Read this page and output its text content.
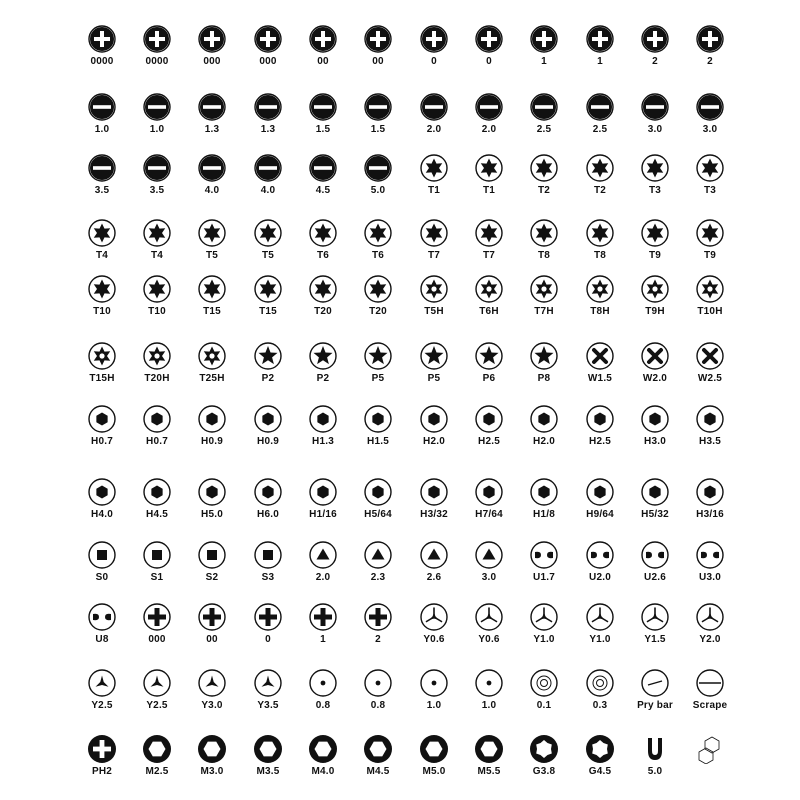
0000	0000	000	000	00	00	0	0	1	1	2	2
1.0	1.0	1.3	1.3	1.5	1.5	2.0	2.0	2.5	2.5	3.0	3.0
3.5	3.5	4.0	4.0	4.5	5.0	T1	T1	T2	T2	T3	T3
T4	T4	T5	T5	T6	T6	T7	T7	T8	T8	T9	T9
T10	T10	T15	T15	T20	T20	T5H	T6H	T7H	T8H	T9H	T10H
T15H	T20H	T25H	P2	P2	P5	P5	P6	P8	W1.5	W2.0	W2.5
H0.7	H0.7	H0.9	H0.9	H1.3	H1.5	H2.0	H2.5	H2.0	H2.5	H3.0	H3.5
H4.0	H4.5	H5.0	H6.0	H1/16	H5/64	H3/32	H7/64	H1/8	H9/64	H5/32	H3/16
S0	S1	S2	S3	2.0	2.3	2.6	3.0	U1.7	U2.0	U2.6	U3.0
U8	000	00	0	1	2	Y0.6	Y0.6	Y1.0	Y1.0	Y1.5	Y2.0
Y2.5	Y2.5	Y3.0	Y3.5	0.8	0.8	1.0	1.0	0.1	0.3	Pry bar	Scrape
PH2	M2.5	M3.0	M3.5	M4.0	M4.5	M5.0	M5.5	G3.8	G4.5	5.0
